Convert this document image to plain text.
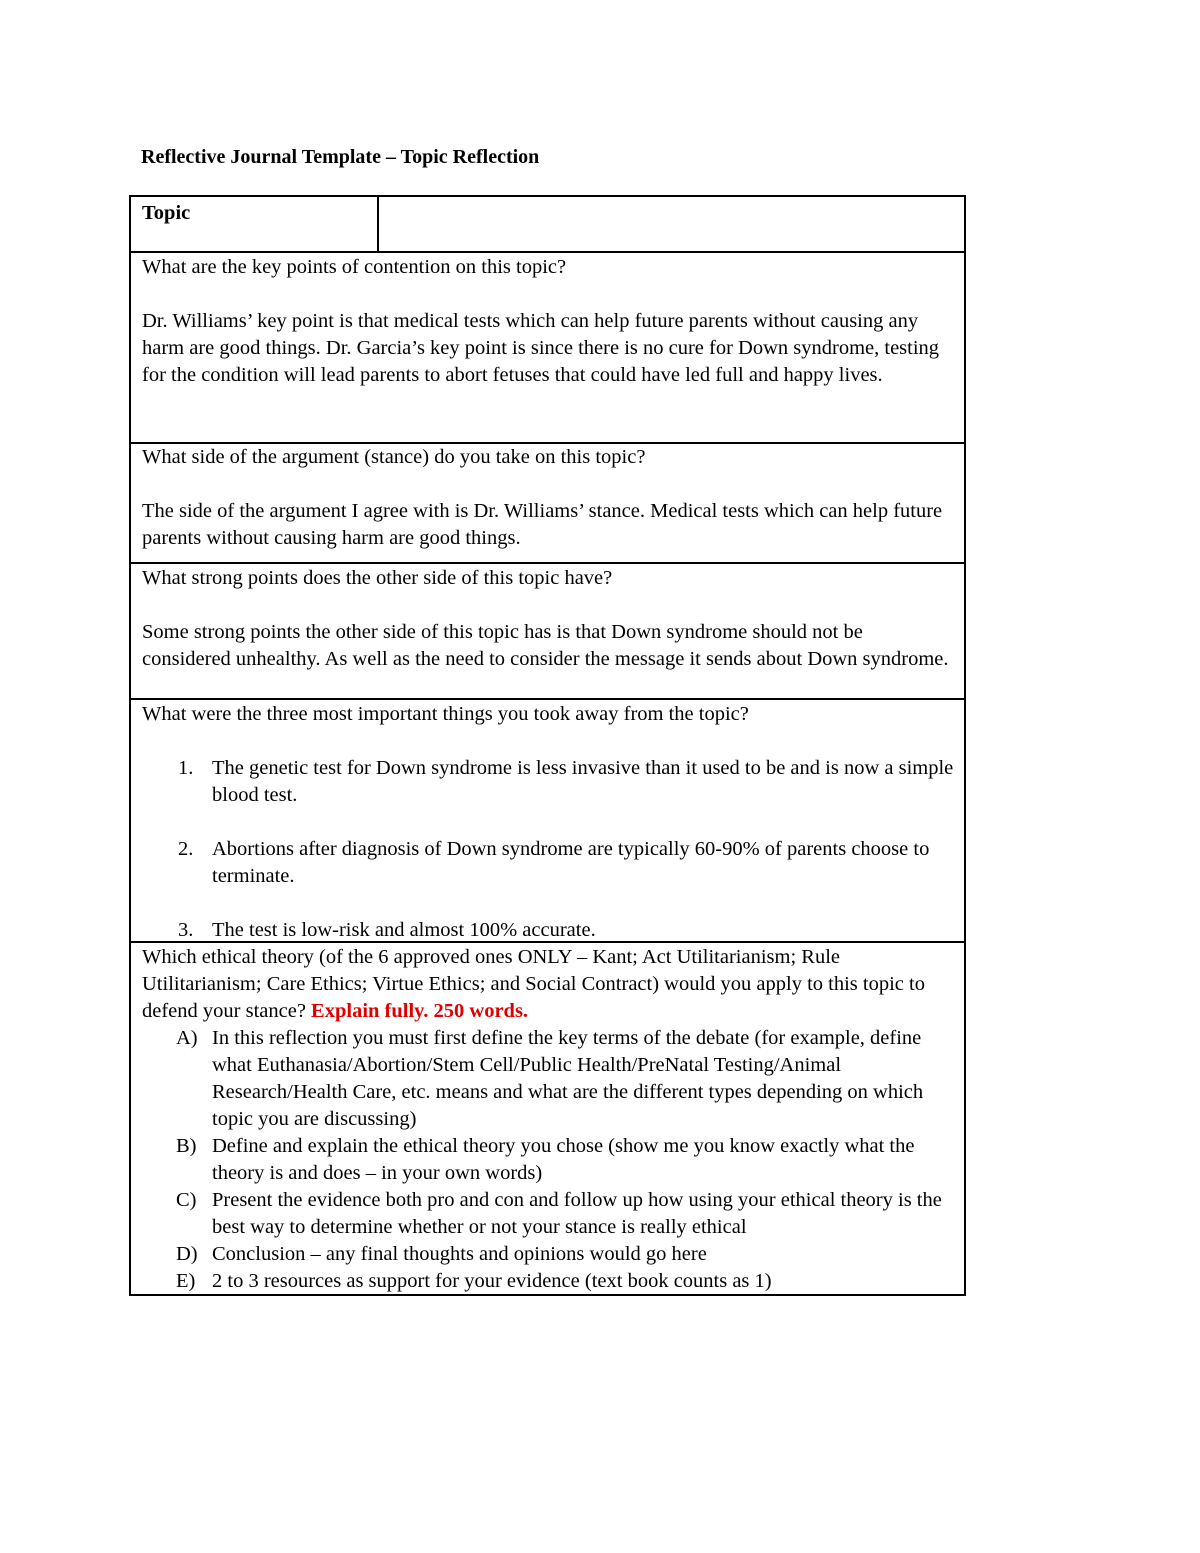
Reflective Journal Template – Topic Reflection
Topic

What are the key points of contention on this topic?

Dr. Williams’ key point is that medical tests which can help future parents without causing any harm are good things. Dr. Garcia’s key point is since there is no cure for Down syndrome, testing for the condition will lead parents to abort fetuses that could have led full and happy lives.

What side of the argument (stance) do you take on this topic?

The side of the argument I agree with is Dr. Williams’ stance. Medical tests which can help future parents without causing harm are good things.

What strong points does the other side of this topic have?

Some strong points the other side of this topic has is that Down syndrome should not be considered unhealthy. As well as the need to consider the message it sends about Down syndrome.

What were the three most important things you took away from the topic?

1. The genetic test for Down syndrome is less invasive than it used to be and is now a simple blood test.
2. Abortions after diagnosis of Down syndrome are typically 60-90% of parents choose to terminate.
3. The test is low-risk and almost 100% accurate.

Which ethical theory (of the 6 approved ones ONLY – Kant; Act Utilitarianism; Rule Utilitarianism; Care Ethics; Virtue Ethics; and Social Contract) would you apply to this topic to defend your stance? Explain fully. 250 words.

A) In this reflection you must first define the key terms of the debate (for example, define what Euthanasia/Abortion/Stem Cell/Public Health/PreNatal Testing/Animal Research/Health Care, etc. means and what are the different types depending on which topic you are discussing)
B) Define and explain the ethical theory you chose (show me you know exactly what the theory is and does – in your own words)
C) Present the evidence both pro and con and follow up how using your ethical theory is the best way to determine whether or not your stance is really ethical
D) Conclusion – any final thoughts and opinions would go here
E) 2 to 3 resources as support for your evidence (text book counts as 1)
